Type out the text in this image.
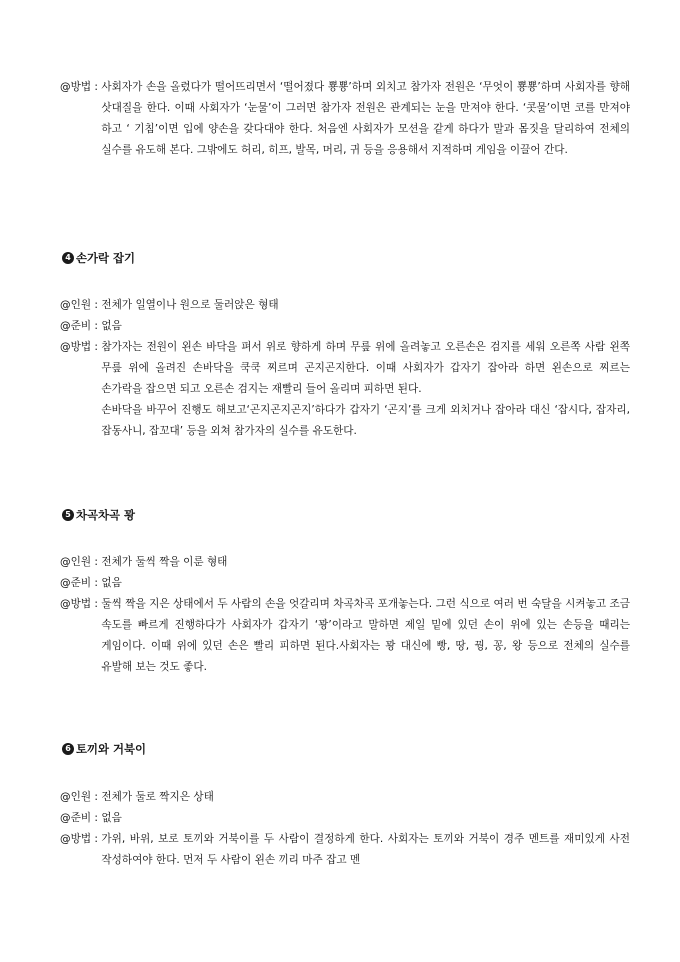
@방법 : 사회자가 손을 올렸다가 떨어뜨리면서 ‘떨어졌다 뿅뿅’하며 외치고 참가자 전원은 ‘무엇이 뿅뿅’하며 사회자를 향해 삿대질을 한다. 이때 사회자가 ‘눈물’이 그러면 참가자 전원은 관계되는 눈을 만져야 한다. ‘콧물’이면 코를 만져야 하고 ‘ 기침’이면 입에 양손을 갖다대야 한다. 처음엔 사회자가 모션을 같게 하다가 말과 몸짓을 달리하여 전체의 실수를 유도해 본다. 그밖에도 허리, 히프, 발목, 머리, 귀 등을 응용해서 지적하며 게임을 이끌어 간다.

4 손가락 잡기
@인원 : 전체가 일열이나 원으로 둘러앉은 형태

@준비 : 없음

@방법 : 참가자는 전원이 왼손 바닥을 펴서 위로 향하게 하며 무릎 위에 올려놓고 오른손은 검지를 세워 오른쪽 사람 왼쪽 무릎 위에 올려진 손바닥을 쿡쿡 찌르며 곤지곤지한다. 이때 사회자가 갑자기 잡아라 하면 왼손으로 찌르는 손가락을 잡으면 되고 오른손 검지는 재빨리 들어 올리며 피하면 된다.

손바닥을 바꾸어 진행도 해보고‘곤지곤지곤지’하다가 갑자기 ‘곤지’를 크게 외치거나 잡아라 대신 ‘잡시다, 잡자리, 잡동사니, 잡꼬대’ 등을 외쳐 참가자의 실수를 유도한다.

5 차곡차곡 꽝
@인원 : 전체가 둘씩 짝을 이룬 형태

@준비 : 없음

@방법 : 둘씩 짝을 지은 상태에서 두 사람의 손을 엇갈리며 차곡차곡 포개놓는다. 그런 식으로 여러 번 숙달을 시켜놓고 조금 속도를 빠르게 진행하다가 사회자가 갑자기 ‘꽝’이라고 말하면 제일 밑에 있던 손이 위에 있는 손등을 때리는 게임이다. 이때 위에 있던 손은 빨리 피하면 된다.사회자는 꽝 대신에 빵, 땅, 꿩, 꽁, 왕 등으로 전체의 실수를 유발해 보는 것도 좋다.

6 토끼와 거북이
@인원 : 전체가 둘로 짝지은 상태

@준비 : 없음

@방법 : 가위, 바위, 보로 토끼와 거북이를 두 사람이 결정하게 한다. 사회자는 토끼와 거북이 경주 멘트를 재미있게 사전 작성하여야 한다. 먼저 두 사람이 왼손 끼리 마주 잡고 멘
